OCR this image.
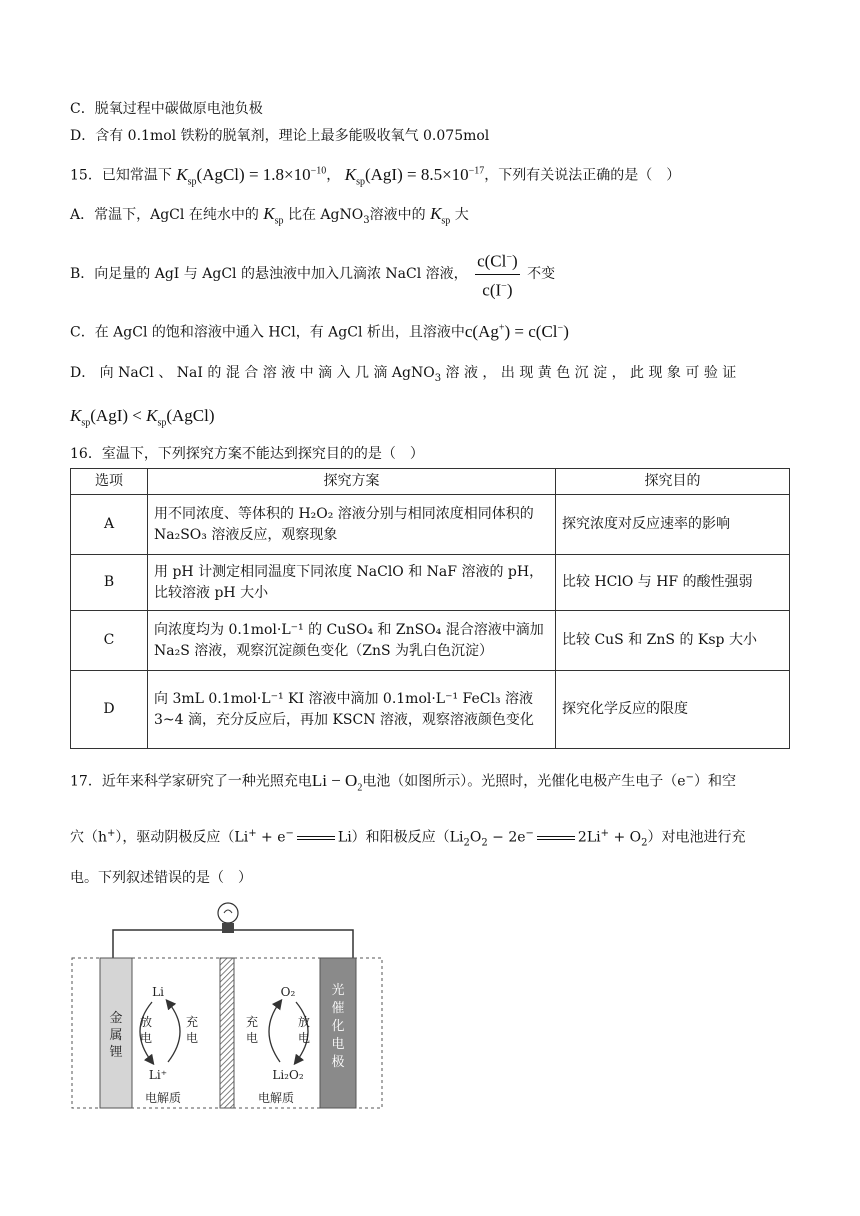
C．脱氧过程中碳做原电池负极
D．含有 0.1mol 铁粉的脱氧剂，理论上最多能吸收氧气 0.075mol
15．已知常温下 $K_{sp}(AgCl) = 1.8\times 10^{-10}$， $K_{sp}(AgI) = 8.5\times 10^{-17}$，下列有关说法正确的是（　）
A．常温下，AgCl 在纯水中的 $K_{sp}$ 比在 AgNO$_3$溶液中的 $K_{sp}$ 大
B．向足量的 AgI 与 AgCl 的悬浊液中加入几滴浓 NaCl 溶液， $\frac{c(Cl^-)}{c(I^-)}$ 不变
C．在 AgCl 的饱和溶液中通入 HCl，有 AgCl 析出，且溶液中c(Ag+) = c(Cl−)
D． 向 NaCl 、 NaI 的 混 合 溶 液 中 滴 入 几 滴 AgNO$_3$ 溶 液 ， 出 现 黄 色 沉 淀 ， 此 现 象 可 验 证
$K_{sp}(AgI)$ < $K_{sp}(AgCl)$
16．室温下，下列探究方案不能达到探究目的的是（　）
选项	探究方案	探究目的
A	用不同浓度、等体积的 H₂O₂ 溶液分别与相同浓度相同体积的 Na₂SO₃ 溶液反应，观察现象	探究浓度对反应速率的影响
B	用 pH 计测定相同温度下同浓度 NaClO 和 NaF 溶液的 pH，比较溶液 pH 大小	比较 HClO 与 HF 的酸性强弱
C	向浓度均为 0.1mol·L⁻¹ 的 CuSO₄ 和 ZnSO₄ 混合溶液中滴加 Na₂S 溶液，观察沉淀颜色变化（ZnS 为乳白色沉淀）	比较 CuS 和 ZnS 的 Ksp 大小
D	向 3mL 0.1mol·L⁻¹ KI 溶液中滴加 0.1mol·L⁻¹ FeCl₃ 溶液 3~4 滴，充分反应后，再加 KSCN 溶液，观察溶液颜色变化	探究化学反应的限度
17．近年来科学家研究了一种光照充电$Li - O_2$电池（如图所示）。光照时，光催化电极产生电子（e−）和空
穴（h+），驱动阴极反应（Li+ + e−	Li）和阳极反应（$Li_2O_2 - 2e^-$	$2Li^+ + O_2$）对电池进行充
电。下列叙述错误的是（　）
金
属
锂
光
催
化
电
极
Li
Li⁺
放
电
充
电
电解质
O₂
Li₂O₂
充
电
放
电
电解质
